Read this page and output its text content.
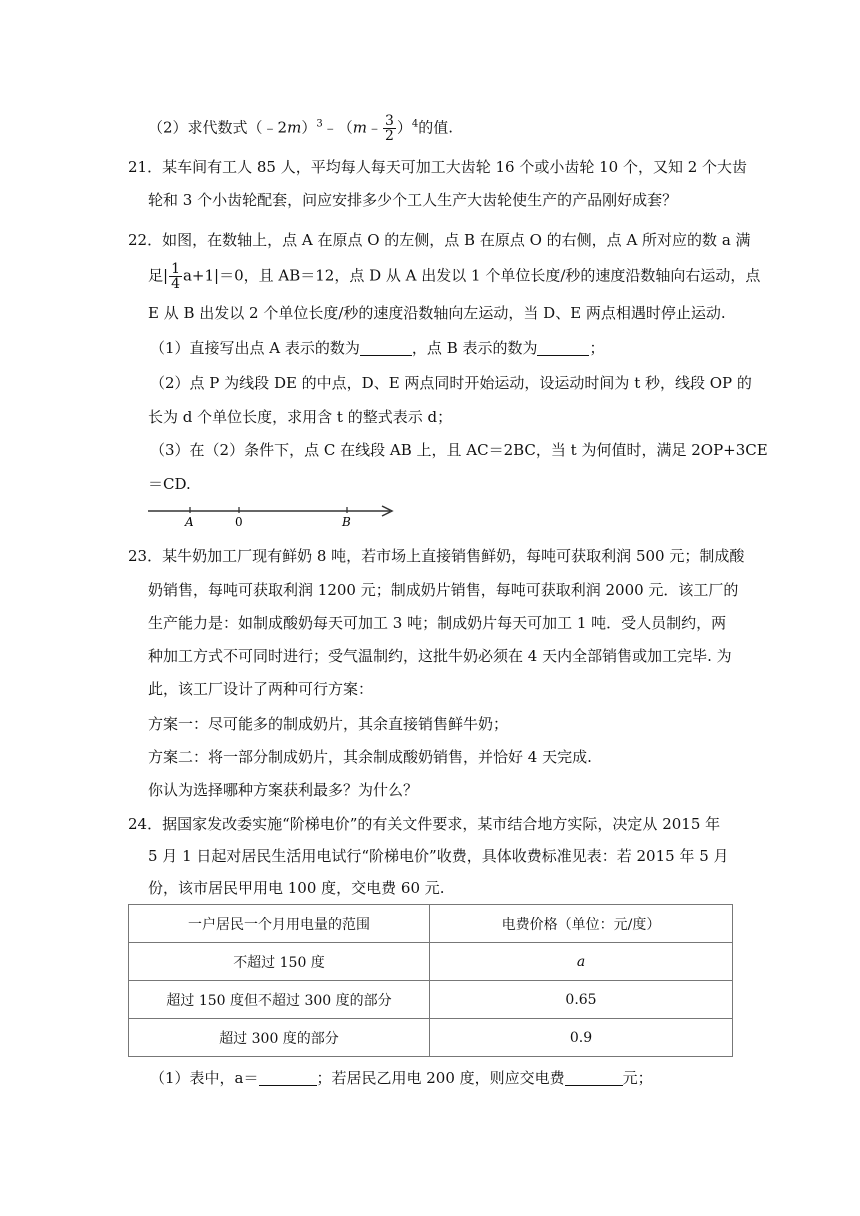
（2）求代数式（﹣2m）$^3$﹣（m﹣ $\frac{3}{2} )^4$的值.
21．某车间有工人 85 人，平均每人每天可加工大齿轮 16 个或小齿轮 10 个，又知 2 个大齿
轮和 3 个小齿轮配套，问应安排多少个工人生产大齿轮使生产的产品刚好成套？
22．如图，在数轴上，点 A 在原点 O 的左侧，点 B 在原点 O 的右侧，点 A 所对应的数 a 满
足| $\frac{1}{4} a+1|=0$，且 AB＝12，点 D 从 A 出发以 1 个单位长度/秒的速度沿数轴向右运动，点
E 从 B 出发以 2 个单位长度/秒的速度沿数轴向左运动，当 D、E 两点相遇时停止运动.
（1）直接写出点 A 表示的数为	，点 B 表示的数为	；
（2）点 P 为线段 DE 的中点，D、E 两点同时开始运动，设运动时间为 t 秒，线段 OP 的
长为 d 个单位长度，求用含 t 的整式表示 d；
（3）在（2）条件下，点 C 在线段 AB 上，且 AC＝2BC，当 t 为何值时，满足 2OP+3CE
＝CD.
A	0	B
23．某牛奶加工厂现有鲜奶 8 吨，若市场上直接销售鲜奶，每吨可获取利润 500 元；制成酸
奶销售，每吨可获取利润 1200 元；制成奶片销售，每吨可获取利润 2000 元．该工厂的
生产能力是：如制成酸奶每天可加工 3 吨；制成奶片每天可加工 1 吨．受人员制约，两
种加工方式不可同时进行；受气温制约，这批牛奶必须在 4 天内全部销售或加工完毕. 为
此，该工厂设计了两种可行方案：
方案一：尽可能多的制成奶片，其余直接销售鲜牛奶；
方案二：将一部分制成奶片，其余制成酸奶销售，并恰好 4 天完成.
你认为选择哪种方案获利最多？为什么？
24．据国家发改委实施“阶梯电价”的有关文件要求，某市结合地方实际，决定从 2015 年
5 月 1 日起对居民生活用电试行“阶梯电价”收费，具体收费标准见表：若 2015 年 5 月
份，该市居民甲用电 100 度，交电费 60 元.
一户居民一个月用电量的范围	电费价格（单位：元/度）
不超过 150 度	a
超过 150 度但不超过 300 度的部分	0.65
超过 300 度的部分	0.9
（1）表中，a＝	；若居民乙用电 200 度，则应交电费	元；
